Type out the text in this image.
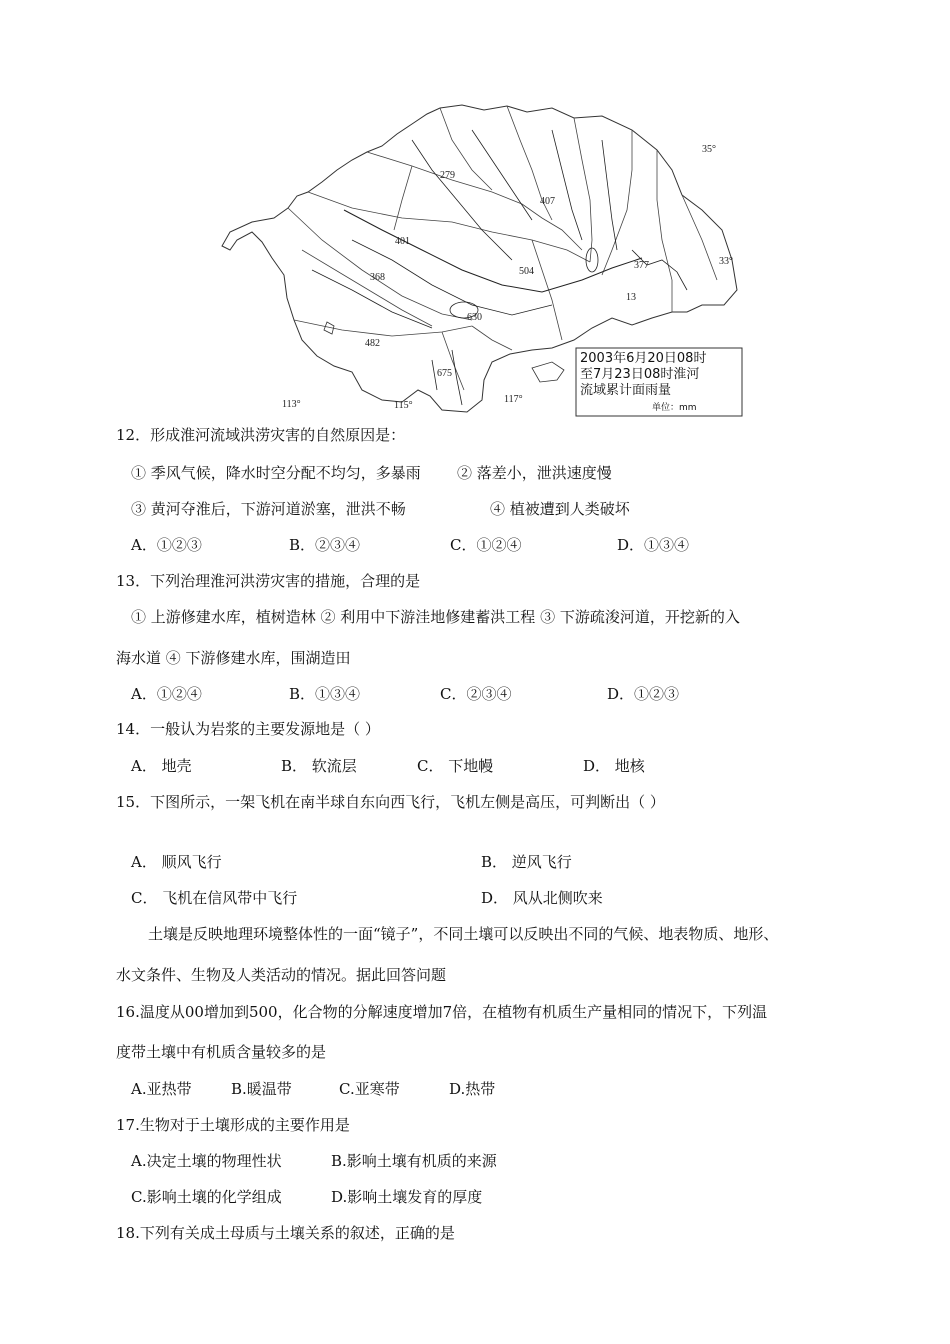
279
407
401
368
504
377
630
482
675
35°
33°
113°	115°
117°
13
2003年6月20日08时
至7月23日08时淮河
流域累计面雨量
单位：mm
12．形成淮河流域洪涝灾害的自然原因是：
① 季风气候，降水时空分配不均匀，多暴雨 ② 落差小，泄洪速度慢
③ 黄河夺淮后，下游河道淤塞，泄洪不畅	④ 植被遭到人类破坏
A．①②③	B．②③④	C．①②④	D．①③④
13．下列治理淮河洪涝灾害的措施，合理的是
① 上游修建水库，植树造林 ② 利用中下游洼地修建蓄洪工程 ③ 下游疏浚河道，开挖新的入
海水道 ④ 下游修建水库，围湖造田
A．①②④	B．①③④	C．②③④	D．①②③
14．一般认为岩浆的主要发源地是（ ）
A． 地壳	B． 软流层	C． 下地幔	D． 地核
15．下图所示，一架飞机在南半球自东向西飞行，飞机左侧是高压，可判断出（ ）
A． 顺风飞行	B． 逆风飞行
C． 飞机在信风带中飞行	D． 风从北侧吹来
土壤是反映地理环境整体性的一面“镜子”，不同土壤可以反映出不同的气候、地表物质、地形、
水文条件、生物及人类活动的情况。据此回答问题
16.温度从00增加到500，化合物的分解速度增加7倍，在植物有机质生产量相同的情况下，下列温
度带土壤中有机质含量较多的是
A.亚热带	B.暖温带	C.亚寒带	D.热带
17.生物对于土壤形成的主要作用是
A.决定土壤的物理性状	B.影响土壤有机质的来源
C.影响土壤的化学组成	D.影响土壤发育的厚度
18.下列有关成土母质与土壤关系的叙述，正确的是
